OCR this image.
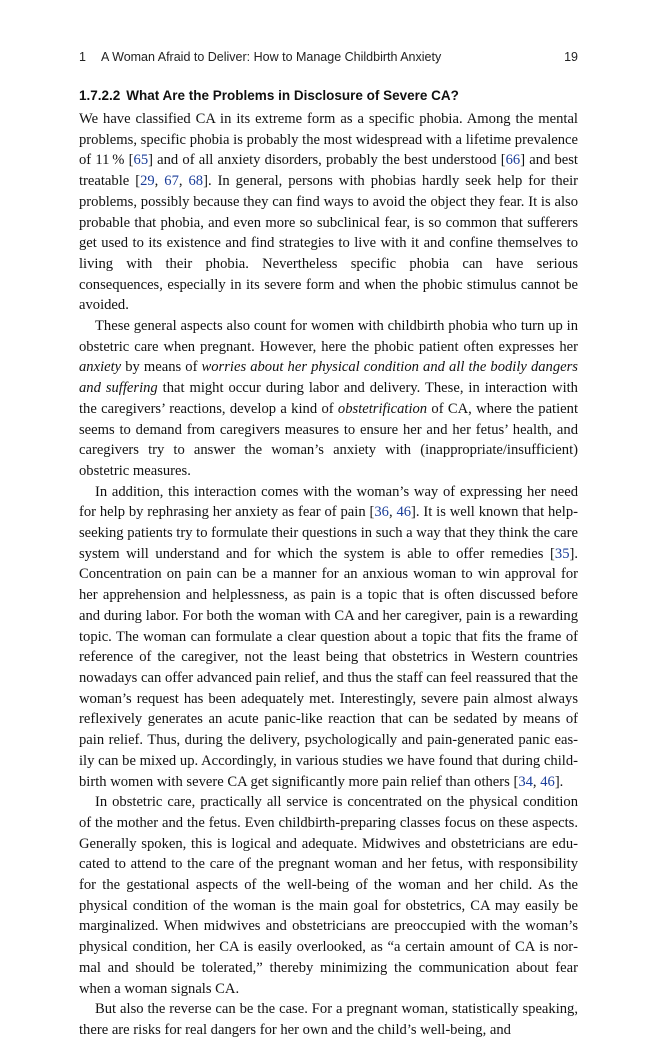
1 A Woman Afraid to Deliver: How to Manage Childbirth Anxiety	19
1.7.2.2 What Are the Problems in Disclosure of Severe CA?

We have classified CA in its extreme form as a specific phobia. Among the mental problems, specific phobia is probably the most widespread with a lifetime prevalence of 11 % [65] and of all anxiety disorders, probably the best understood [66] and best treatable [29, 67, 68]. In general, persons with phobias hardly seek help for their problems, possibly because they can find ways to avoid the object they fear. It is also probable that phobia, and even more so subclinical fear, is so common that sufferers get used to its existence and find strategies to live with it and confine themselves to living with their phobia. Nevertheless specific phobia can have serious consequences, especially in its severe form and when the phobic stimulus cannot be avoided.

These general aspects also count for women with childbirth phobia who turn up in obstetric care when pregnant. However, here the phobic patient often expresses her anxiety by means of worries about her physical condition and all the bodily dangers and suffering that might occur during labor and delivery. These, in interaction with the caregivers’ reactions, develop a kind of obstetrification of CA, where the patient seems to demand from caregivers measures to ensure her and her fetus’ health, and caregivers try to answer the woman’s anxiety with (inappropriate/insufficient) obstetric measures.

In addition, this interaction comes with the woman’s way of expressing her need for help by rephrasing her anxiety as fear of pain [36, 46]. It is well known that helpseeking patients try to formulate their questions in such a way that they think the care system will understand and for which the system is able to offer remedies [35]. Concentration on pain can be a manner for an anxious woman to win approval for her apprehension and helplessness, as pain is a topic that is often discussed before and during labor. For both the woman with CA and her caregiver, pain is a rewarding topic. The woman can formulate a clear question about a topic that fits the frame of reference of the caregiver, not the least being that obstetrics in Western countries nowadays can offer advanced pain relief, and thus the staff can feel reassured that the woman’s request has been adequately met. Interestingly, severe pain almost always reflexively generates an acute panic-like reaction that can be sedated by means of pain relief. Thus, during the delivery, psychologically and pain-generated panic easily can be mixed up. Accordingly, in various studies we have found that during childbirth women with severe CA get significantly more pain relief than others [34, 46].

In obstetric care, practically all service is concentrated on the physical condition of the mother and the fetus. Even childbirth-preparing classes focus on these aspects. Generally spoken, this is logical and adequate. Midwives and obstetricians are educated to attend to the care of the pregnant woman and her fetus, with responsibility for the gestational aspects of the well-being of the woman and her child. As the physical condition of the woman is the main goal for obstetrics, CA may easily be marginalized. When midwives and obstetricians are preoccupied with the woman’s physical condition, her CA is easily overlooked, as “a certain amount of CA is normal and should be tolerated,” thereby minimizing the communication about fear when a woman signals CA.

But also the reverse can be the case. For a pregnant woman, statistically speaking, there are risks for real dangers for her own and the child’s well-being, and
